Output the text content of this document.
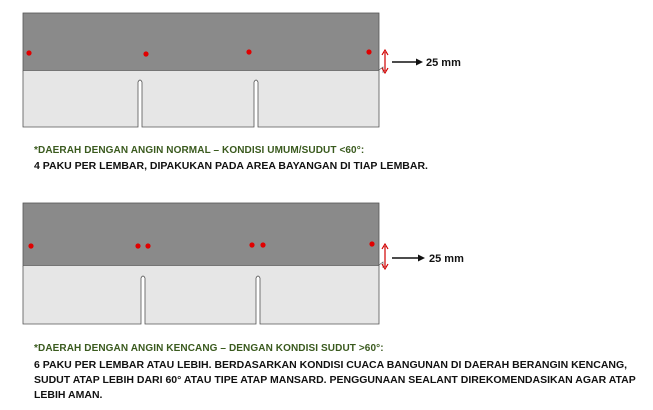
25 mm
25 mm
*DAERAH DENGAN ANGIN NORMAL – KONDISI UMUM/SUDUT <60°:
4 PAKU PER LEMBAR, DIPAKUKAN PADA AREA BAYANGAN DI TIAP LEMBAR.
*DAERAH DENGAN ANGIN KENCANG – DENGAN KONDISI SUDUT >60°:
6 PAKU PER LEMBAR ATAU LEBIH. BERDASARKAN KONDISI CUACA BANGUNAN DI DAERAH BERANGIN KENCANG, SUDUT ATAP LEBIH DARI 60° ATAU TIPE ATAP MANSARD. PENGGUNAAN SEALANT DIREKOMENDASIKAN AGAR ATAP LEBIH AMAN.
